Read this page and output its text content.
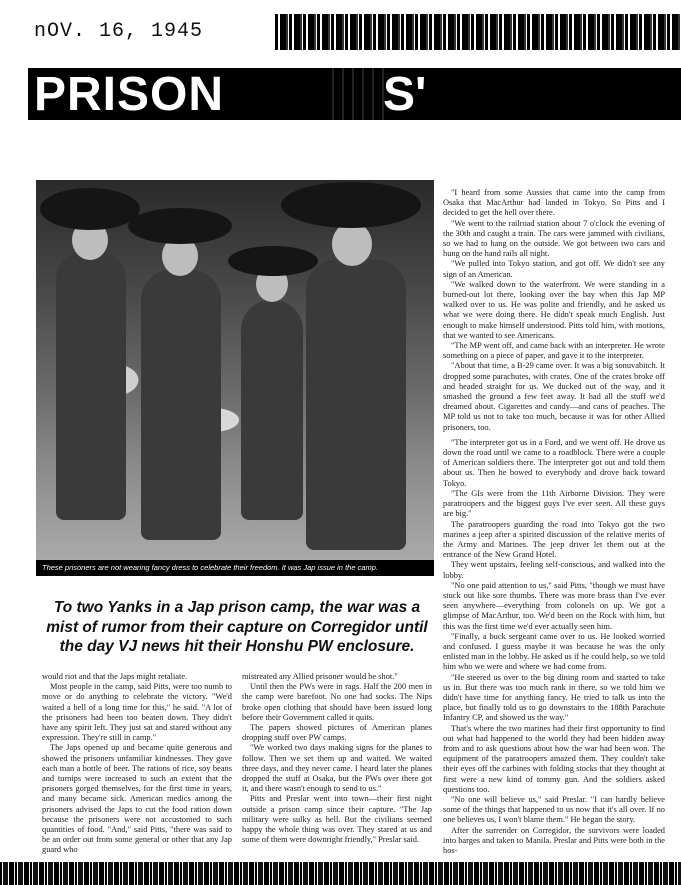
nOV. 16, 1945
PRISON	S'
These prisoners are not wearing fancy dress to celebrate their freedom. It was Jap issue in the camp.
To two Yanks in a Jap prison camp, the war was a mist of rumor from their capture on Corregidor until the day VJ news hit their Honshu PW enclosure.

would riot and that the Japs might retaliate.

Most people in the camp, said Pitts, were too numb to move or do anything to celebrate the victory. "We'd waited a hell of a long time for this," he said. "A lot of the prisoners had been too beaten down. They didn't have any spirit left. They just sat and stared without any expression. They're still in camp."

The Japs opened up and became quite generous and showed the prisoners unfamiliar kindnesses. They gave each man a bottle of beer. The rations of rice, soy beans and turnips were increased to such an extent that the prisoners gorged themselves, for the first time in years, and many became sick. American medics among the prisoners advised the Japs to cut the food ration down because the prisoners were not accustomed to such quantities of food. "And," said Pitts, "there was said to be an order out from some general or other that any Jap guard who

mistreated any Allied prisoner would be shot."

Until then the PWs were in rags. Half the 200 men in the camp were barefoot. No one had socks. The Nips broke open clothing that should have been issued long before their Government called it quits.

The papers showed pictures of American planes dropping stuff over PW camps.

"We worked two days making signs for the planes to follow. Then we set them up and waited. We waited three days, and they never came. I heard later the planes dropped the stuff at Osaka, but the PWs over there got it, and there wasn't enough to send to us."

Pitts and Preslar went into town—their first night outside a prison camp since their capture. "The Jap military were sulky as hell. But the civilians seemed happy the whole thing was over. They stared at us and some of them were downright friendly," Preslar said.

"I heard from some Aussies that came into the camp from Osaka that MacArthur had landed in Tokyo. So Pitts and I decided to get the hell over there.

"We went to the railroad station about 7 o'clock the evening of the 30th and caught a train. The cars were jammed with civilians, so we had to hang on the outside. We got between two cars and hung on the hand rails all night.

"We pulled into Tokyo station, and got off. We didn't see any sign of an American.

"We walked down to the waterfront. We were standing in a burned-out lot there, looking over the bay when this Jap MP walked over to us. He was polite and friendly, and he asked us what we were doing there. He didn't speak much English. Just enough to make himself understood. Pitts told him, with motions, that we wanted to see Americans.

"The MP went off, and came back with an interpreter. He wrote something on a piece of paper, and gave it to the interpreter.

"About that time, a B-29 came over. It was a big sonuvabitch. It dropped some parachutes, with crates. One of the crates broke off and headed straight for us. We ducked out of the way, and it smashed the ground a few feet away. It had all the stuff we'd dreamed about. Cigarettes and candy—and cans of peaches. The MP told us not to take too much, because it was for other Allied prisoners, too.

"The interpreter got us in a Ford, and we went off. He drove us down the road until we came to a roadblock. There were a couple of American soldiers there. The interpreter got out and told them about us. Then he bowed to everybody and drove back toward Tokyo.

"The GIs were from the 11th Airborne Division. They were paratroopers and the biggest guys I've ever seen. All these guys are big."

The paratroopers guarding the road into Tokyo got the two marines a jeep after a spirited discussion of the relative merits of the Army and Marines. The jeep driver let them out at the entrance of the New Grand Hotel.

They went upstairs, feeling self-conscious, and walked into the lobby.

"No one paid attention to us," said Pitts, "though we must have stuck out like sore thumbs. There was more brass than I've ever seen anywhere—everything from colonels on up. We got a glimpse of MacArthur, too. We'd been on the Rock with him, but this was the first time we'd ever actually seen him.

"Finally, a buck sergeant came over to us. He looked worried and confused. I guess maybe it was because he was the only enlisted man in the lobby. He asked us if he could help, so we told him who we were and where we had come from.

"He steered us over to the big dining room and started to take us in. But there was too much rank in there, so we told him we didn't have time for anything fancy. He tried to talk us into the place, but finally told us to go downstairs to the 188th Parachute Infantry CP, and showed us the way."

That's where the two marines had their first opportunity to find out what had happened to the world they had been hidden away from and to ask questions about how the war had been won. The equipment of the paratroopers amazed them. They couldn't take their eyes off the carbines with folding stocks that they thought at first were a new kind of tommy gun. And the soldiers asked questions too.

"No one will believe us," said Preslar. "I can hardly believe some of the things that happened to us now that it's all over. If no one believes us, I won't blame them." He began the story.

After the surrender on Corregidor, the survivors were loaded into barges and taken to Manila. Preslar and Pitts were both in the hos-
